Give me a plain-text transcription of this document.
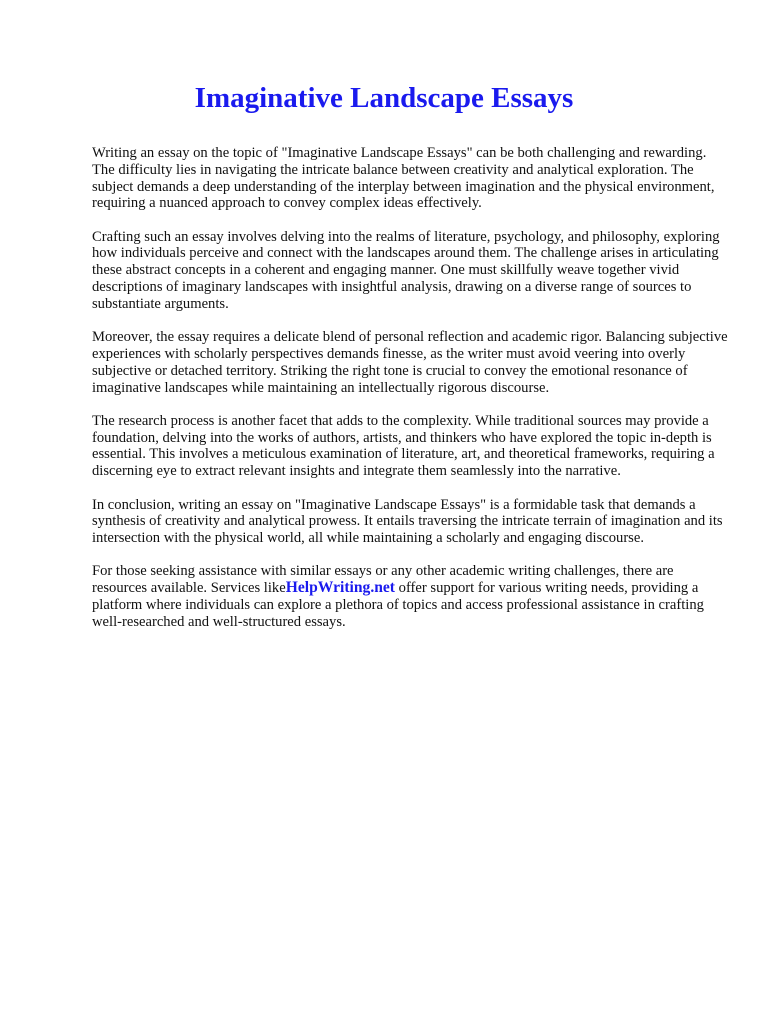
Imaginative Landscape Essays

Writing an essay on the topic of "Imaginative Landscape Essays" can be both challenging and rewarding. The difficulty lies in navigating the intricate balance between creativity and analytical exploration. The subject demands a deep understanding of the interplay between imagination and the physical environment, requiring a nuanced approach to convey complex ideas effectively.

Crafting such an essay involves delving into the realms of literature, psychology, and philosophy, exploring how individuals perceive and connect with the landscapes around them. The challenge arises in articulating these abstract concepts in a coherent and engaging manner. One must skillfully weave together vivid descriptions of imaginary landscapes with insightful analysis, drawing on a diverse range of sources to substantiate arguments.

Moreover, the essay requires a delicate blend of personal reflection and academic rigor. Balancing subjective experiences with scholarly perspectives demands finesse, as the writer must avoid veering into overly subjective or detached territory. Striking the right tone is crucial to convey the emotional resonance of imaginative landscapes while maintaining an intellectually rigorous discourse.

The research process is another facet that adds to the complexity. While traditional sources may provide a foundation, delving into the works of authors, artists, and thinkers who have explored the topic in-depth is essential. This involves a meticulous examination of literature, art, and theoretical frameworks, requiring a discerning eye to extract relevant insights and integrate them seamlessly into the narrative.

In conclusion, writing an essay on "Imaginative Landscape Essays" is a formidable task that demands a synthesis of creativity and analytical prowess. It entails traversing the intricate terrain of imagination and its intersection with the physical world, all while maintaining a scholarly and engaging discourse.

For those seeking assistance with similar essays or any other academic writing challenges, there are resources available. Services likeHelpWriting.net offer support for various writing needs, providing a platform where individuals can explore a plethora of topics and access professional assistance in crafting well-researched and well-structured essays.
